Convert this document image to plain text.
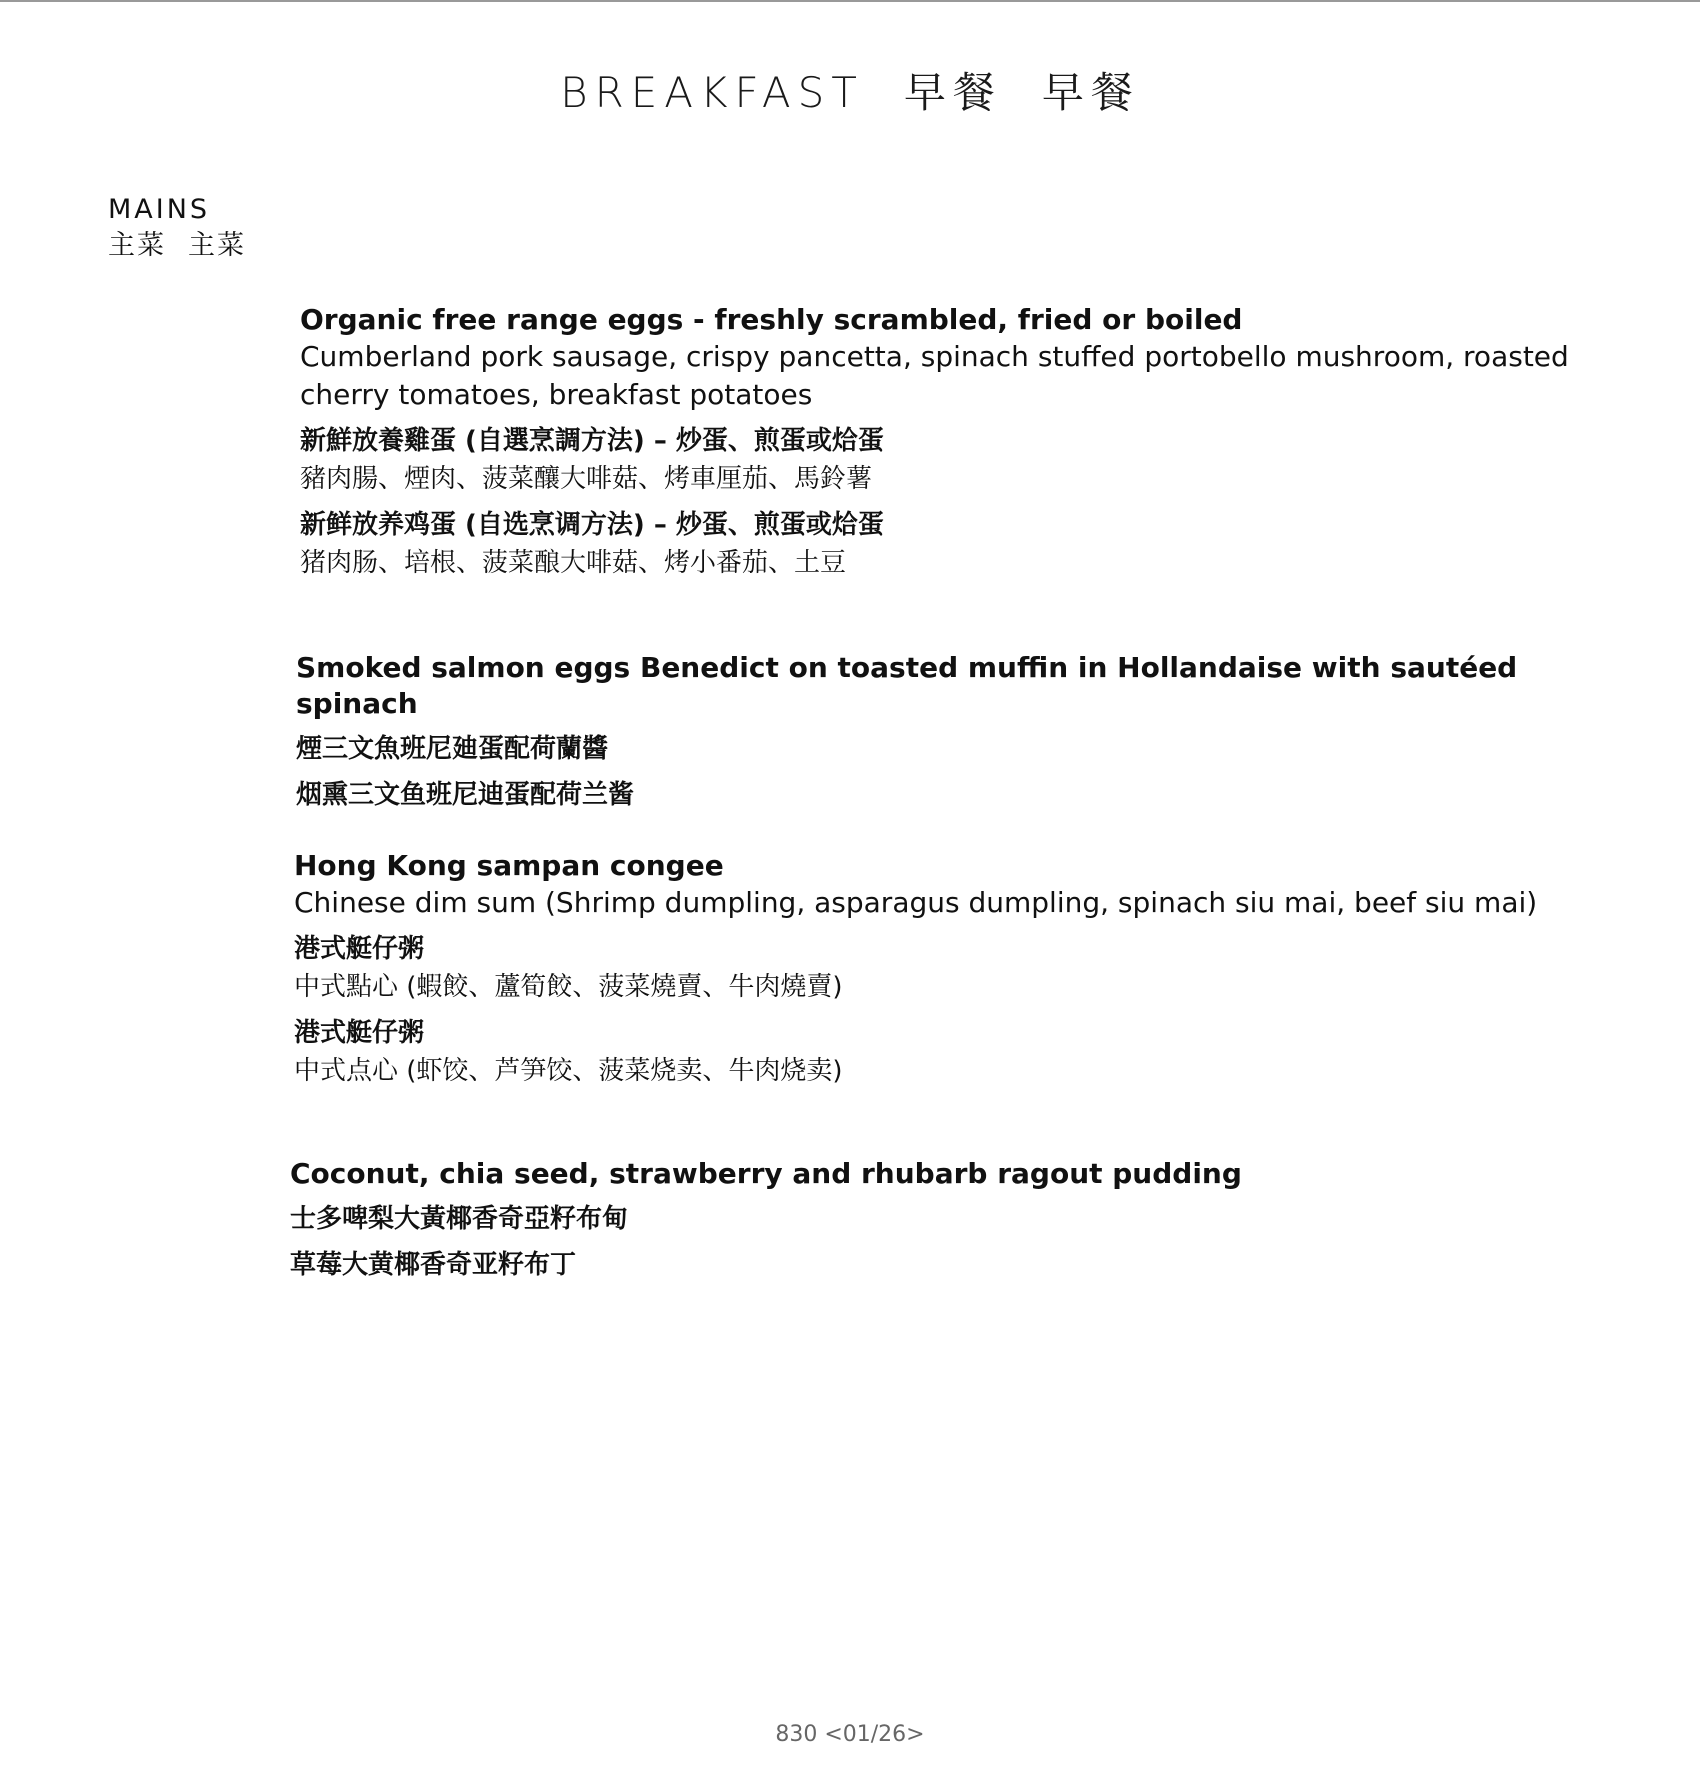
BREAKFAST 早餐 早餐
MAINS
主菜 主菜
Organic free range eggs - freshly scrambled, fried or boiled
Cumberland pork sausage, crispy pancetta, spinach stuffed portobello mushroom, roasted cherry tomatoes, breakfast potatoes
新鮮放養雞蛋 (自選烹調方法) – 炒蛋、煎蛋或烚蛋
豬肉腸、煙肉、菠菜釀大啡菇、烤車厘茄、馬鈴薯
新鲜放养鸡蛋 (自选烹调方法) – 炒蛋、煎蛋或烚蛋
猪肉肠、培根、菠菜酿大啡菇、烤小番茄、土豆
Smoked salmon eggs Benedict on toasted muffin in Hollandaise with sautéed spinach
煙三文魚班尼廸蛋配荷蘭醬
烟熏三文鱼班尼迪蛋配荷兰酱
Hong Kong sampan congee
Chinese dim sum (Shrimp dumpling, asparagus dumpling, spinach siu mai, beef siu mai)
港式艇仔粥
中式點心 (蝦餃、蘆筍餃、菠菜燒賣、牛肉燒賣)
港式艇仔粥
中式点心 (虾饺、芦笋饺、菠菜烧卖、牛肉烧卖)
Coconut, chia seed, strawberry and rhubarb ragout pudding
士多啤梨大黃椰香奇亞籽布甸
草莓大黄椰香奇亚籽布丁
830 <01/26>
